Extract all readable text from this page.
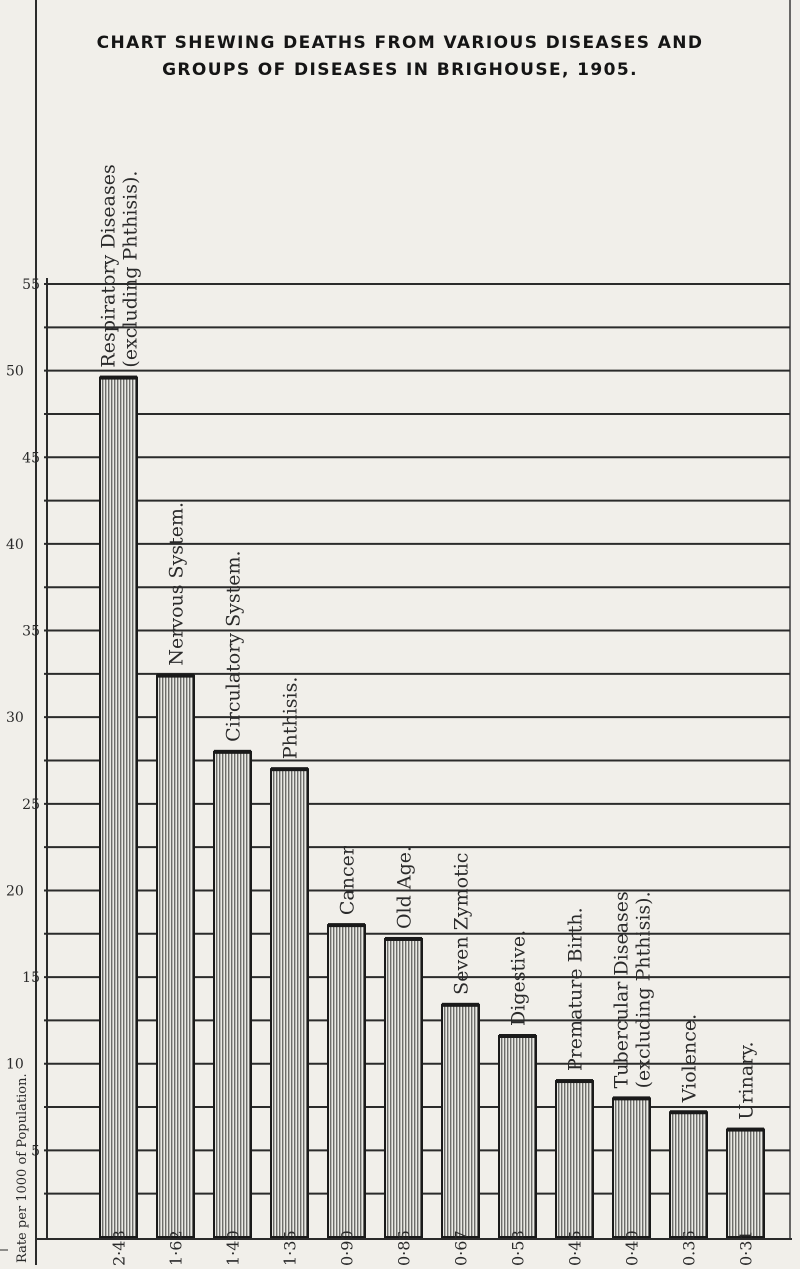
CHART SHEWING DEATHS FROM VARIOUS DISEASES AND
GROUPS OF DISEASES IN BRIGHOUSE, 1905.
5
10
15
20
25
30
35
40
45
50
55
Rate per 1000 of Population.
Respiratory Diseases (excluding Phthisis).
2·48
Nervous System.
1·62
Circulatory System.
1·40
Phthisis.
1·35
Cancer
0·90
Old Age.
0·86
Seven Zymotic
0·67
Digestive.
0·58
Premature Birth.
0·45
Tubercular Diseases (excluding Phthisis).
0·40
Violence.
0.36
Urinary.
0·31
